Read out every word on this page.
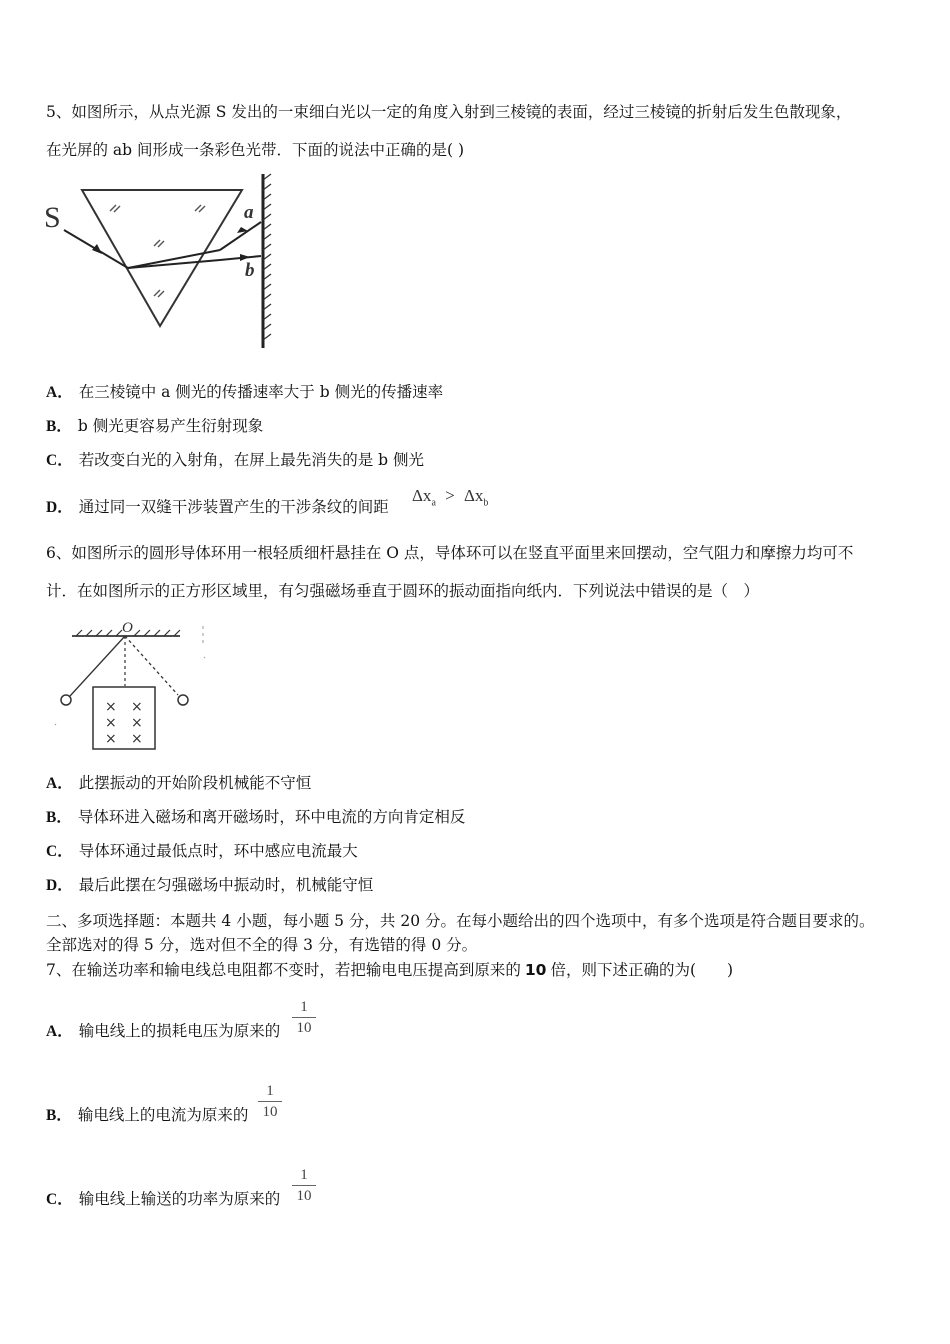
5、如图所示，从点光源 S 发出的一束细白光以一定的角度入射到三棱镜的表面，经过三棱镜的折射后发生色散现象，
在光屏的 ab 间形成一条彩色光带．下面的说法中正确的是( )
S	a
b
A． 在三棱镜中 a 侧光的传播速率大于 b 侧光的传播速率
B． b 侧光更容易产生衍射现象
C． 若改变白光的入射角，在屏上最先消失的是 b 侧光
D． 通过同一双缝干涉装置产生的干涉条纹的间距
$\Delta x_a > \Delta x_b$
6、如图所示的圆形导体环用一根轻质细杆悬挂在 O 点，导体环可以在竖直平面里来回摆动，空气阻力和摩擦力均可不
计．在如图所示的正方形区域里，有匀强磁场垂直于圆环的振动面指向纸内．下列说法中错误的是（　）
O
× ×
× ×
× ×
A． 此摆振动的开始阶段机械能不守恒
B． 导体环进入磁场和离开磁场时，环中电流的方向肯定相反
C． 导体环通过最低点时，环中感应电流最大
D． 最后此摆在匀强磁场中振动时，机械能守恒
二、多项选择题：本题共 4 小题，每小题 5 分，共 20 分。在每小题给出的四个选项中，有多个选项是符合题目要求的。
全部选对的得 5 分，选对但不全的得 3 分，有选错的得 0 分。
7、在输送功率和输电线总电阻都不变时，若把输电电压提高到原来的 10 倍，则下述正确的为(　　)
A． 输电线上的损耗电压为原来的
1
10
B． 输电线上的电流为原来的
1
10
C． 输电线上输送的功率为原来的
1
10
